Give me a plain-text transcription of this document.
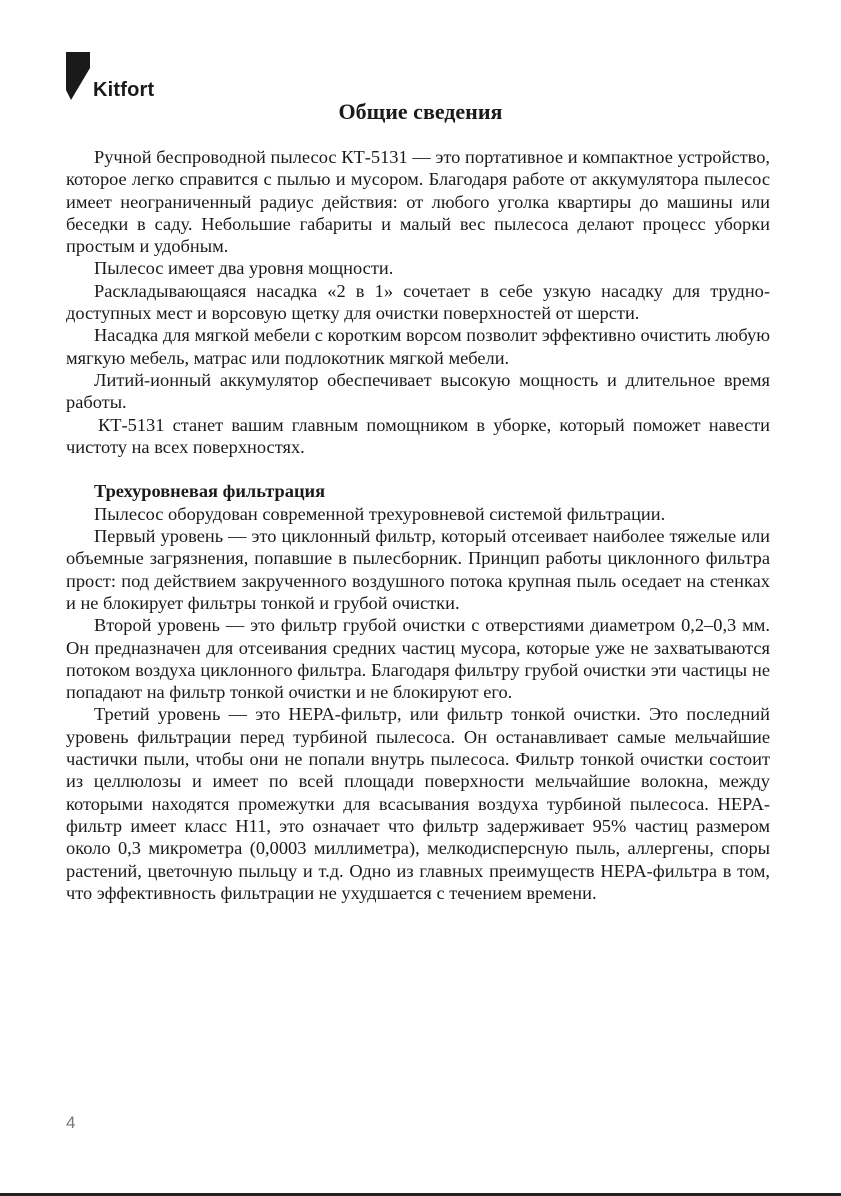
Kitfort
Общие сведения

Ручной беспроводной пылесос КТ-5131 — это портативное и компактное устройство, которое легко справится с пылью и мусором. Благодаря работе от аккумулятора пылесос имеет неограниченный радиус действия: от любого уголка квартиры до машины или беседки в саду. Небольшие габариты и малый вес пылесоса делают процесс уборки простым и удобным.

Пылесос имеет два уровня мощности.

Раскладывающаяся насадка «2 в 1» сочетает в себе узкую насадку для труднодоступных мест и ворсовую щетку для очистки поверхностей от шерсти.

Насадка для мягкой мебели с коротким ворсом позволит эффективно очистить любую мягкую мебель, матрас или подлокотник мягкой мебели.

Литий-ионный аккумулятор обеспечивает высокую мощность и длительное время работы.

КТ-5131 станет вашим главным помощником в уборке, который поможет навести чистоту на всех поверхностях.

Трехуровневая фильтрация

Пылесос оборудован современной трехуровневой системой фильтрации.

Первый уровень — это циклонный фильтр, который отсеивает наиболее тяжелые или объемные загрязнения, попавшие в пылесборник. Принцип работы циклонного фильтра прост: под действием закрученного воздушного потока крупная пыль оседает на стенках и не блокирует фильтры тонкой и грубой очистки.

Второй уровень — это фильтр грубой очистки с отверстиями диаметром 0,2–0,3 мм. Он предназначен для отсеивания средних частиц мусора, которые уже не захватываются потоком воздуха циклонного фильтра. Благодаря фильтру грубой очистки эти частицы не попадают на фильтр тонкой очистки и не блокируют его.

Третий уровень — это HEPA-фильтр, или фильтр тонкой очистки. Это последний уровень фильтрации перед турбиной пылесоса. Он останавливает самые мельчайшие частички пыли, чтобы они не попали внутрь пылесоса. Фильтр тонкой очистки состоит из целлюлозы и имеет по всей площади поверхности мельчайшие волокна, между которыми находятся промежутки для всасывания воздуха турбиной пылесоса. HEPA-фильтр имеет класс H11, это означает что фильтр задерживает 95% частиц размером около 0,3 микрометра (0,0003 миллиметра), мелкодисперсную пыль, аллергены, споры растений, цветочную пыльцу и т.д. Одно из главных преимуществ HEPA-фильтра в том, что эффективность фильтрации не ухудшается с течением времени.

4
